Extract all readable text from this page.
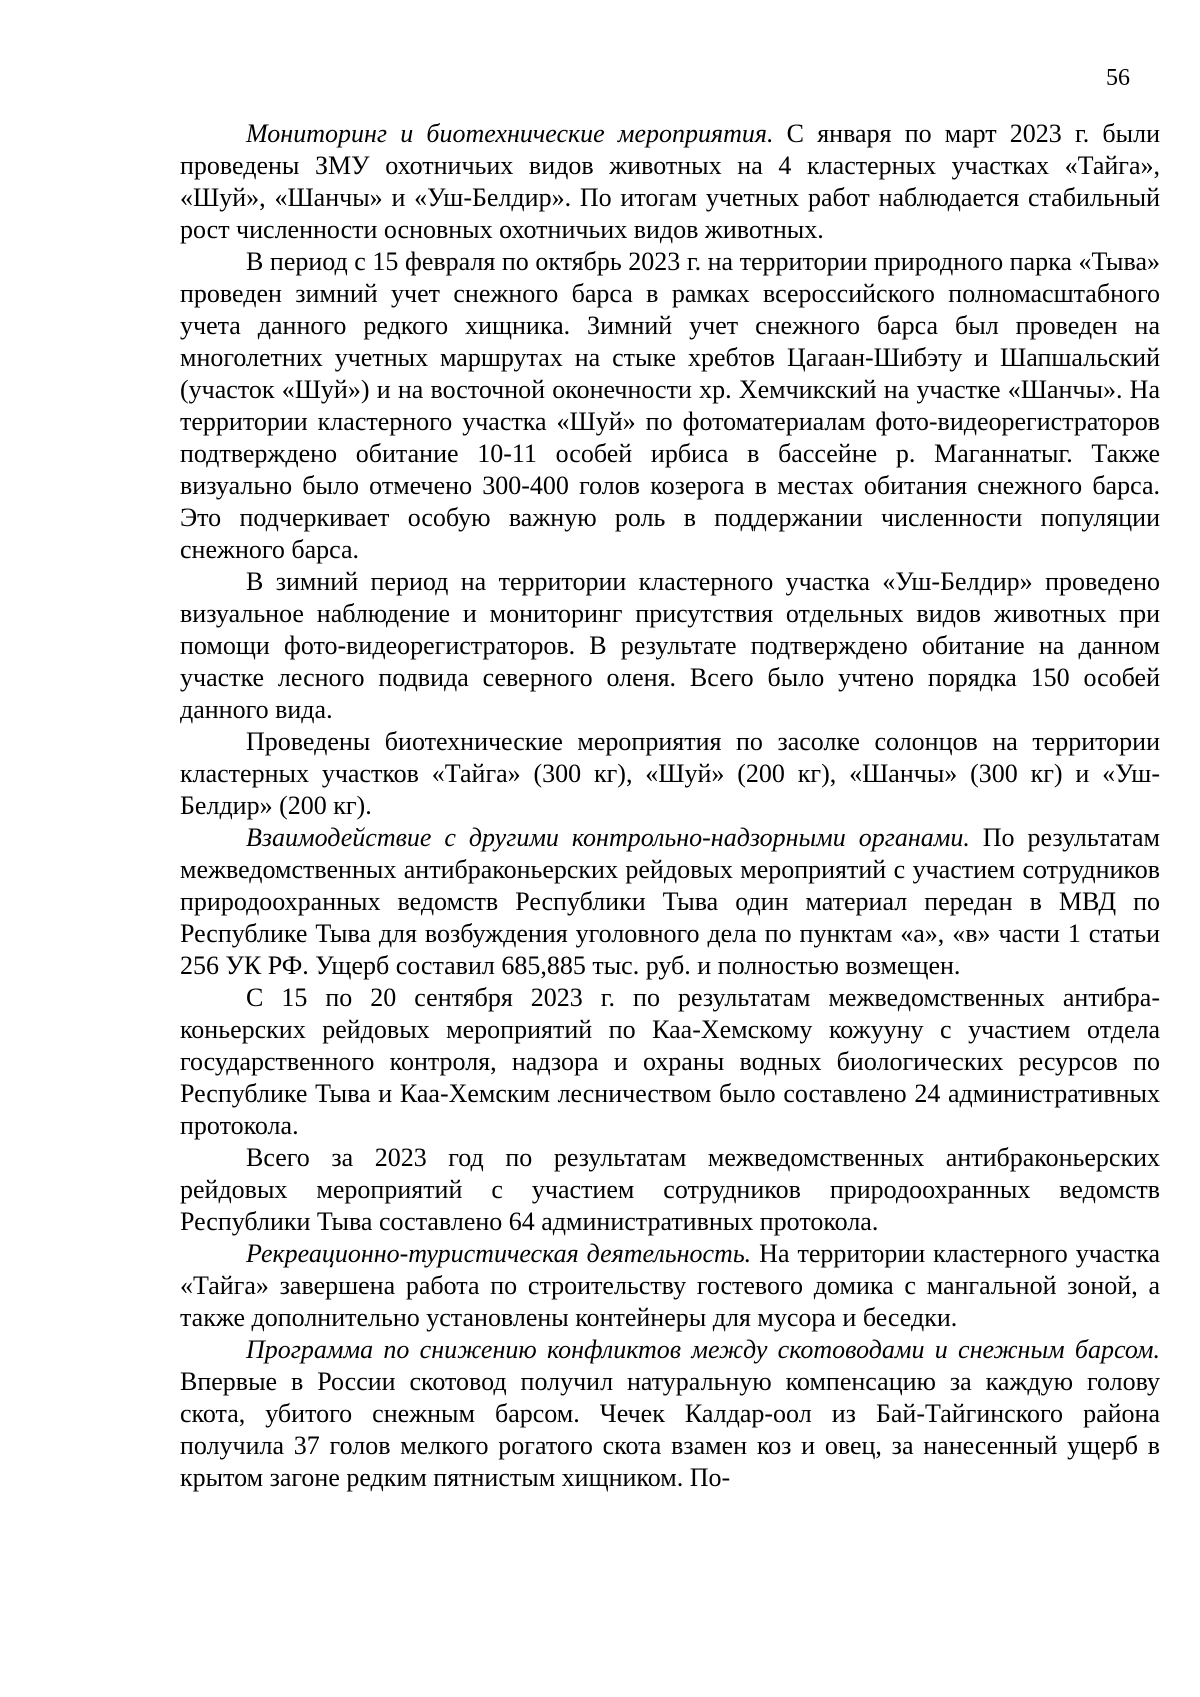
56

Мониторинг и биотехнические мероприятия. С января по март 2023 г. были проведены ЗМУ охотничьих видов животных на 4 кластерных участках «Тайга», «Шуй», «Шанчы» и «Уш-Белдир». По итогам учетных работ наблюдается стабильный рост численности основных охотничьих видов животных.

В период с 15 февраля по октябрь 2023 г. на территории природного парка «Тыва» проведен зимний учет снежного барса в рамках всероссийского полномасштабного учета данного редкого хищника. Зимний учет снежного барса был проведен на многолетних учетных маршрутах на стыке хребтов Цагаан-Шибэту и Шапшальский (участок «Шуй») и на восточной оконечности хр. Хемчикский на участке «Шанчы». На территории кластерного участка «Шуй» по фотоматериалам фото-видеорегистраторов подтверждено обитание 10-11 особей ирбиса в бассейне р. Маганнатыг. Также визуально было отмечено 300-400 голов козерога в местах обитания снежного барса. Это подчеркивает особую важную роль в поддержании численности популяции снежного барса.

В зимний период на территории кластерного участка «Уш-Белдир» проведено визуальное наблюдение и мониторинг присутствия отдельных видов животных при помощи фото-видеорегистраторов. В результате подтверждено обитание на данном участке лесного подвида северного оленя. Всего было учтено порядка 150 особей данного вида.

Проведены биотехнические мероприятия по засолке солонцов на территории кластерных участков «Тайга» (300 кг), «Шуй» (200 кг), «Шанчы» (300 кг) и «Уш-Белдир» (200 кг).

Взаимодействие с другими контрольно-надзорными органами. По результатам межведомственных антибраконьерских рейдовых мероприятий с участием сотрудников природоохранных ведомств Республики Тыва один материал передан в МВД по Республике Тыва для возбуждения уголовного дела по пунктам «а», «в» части 1 статьи 256 УК РФ. Ущерб составил 685,885 тыс. руб. и полностью возмещен.

С 15 по 20 сентября 2023 г. по результатам межведомственных антибраконьерских рейдовых мероприятий по Каа-Хемскому кожууну с участием отдела государственного контроля, надзора и охраны водных биологических ресурсов по Республике Тыва и Каа-Хемским лесничеством было составлено 24 административных протокола.

Всего за 2023 год по результатам межведомственных антибраконьерских рейдовых мероприятий с участием сотрудников природоохранных ведомств Республики Тыва составлено 64 административных протокола.

Рекреационно-туристическая деятельность. На территории кластерного участка «Тайга» завершена работа по строительству гостевого домика с мангальной зоной, а также дополнительно установлены контейнеры для мусора и беседки.

Программа по снижению конфликтов между скотоводами и снежным барсом. Впервые в России скотовод получил натуральную компенсацию за каждую голову скота, убитого снежным барсом. Чечек Калдар-оол из Бай-Тайгинского района получила 37 голов мелкого рогатого скота взамен коз и овец, за нанесенный ущерб в крытом загоне редким пятнистым хищником. По-
